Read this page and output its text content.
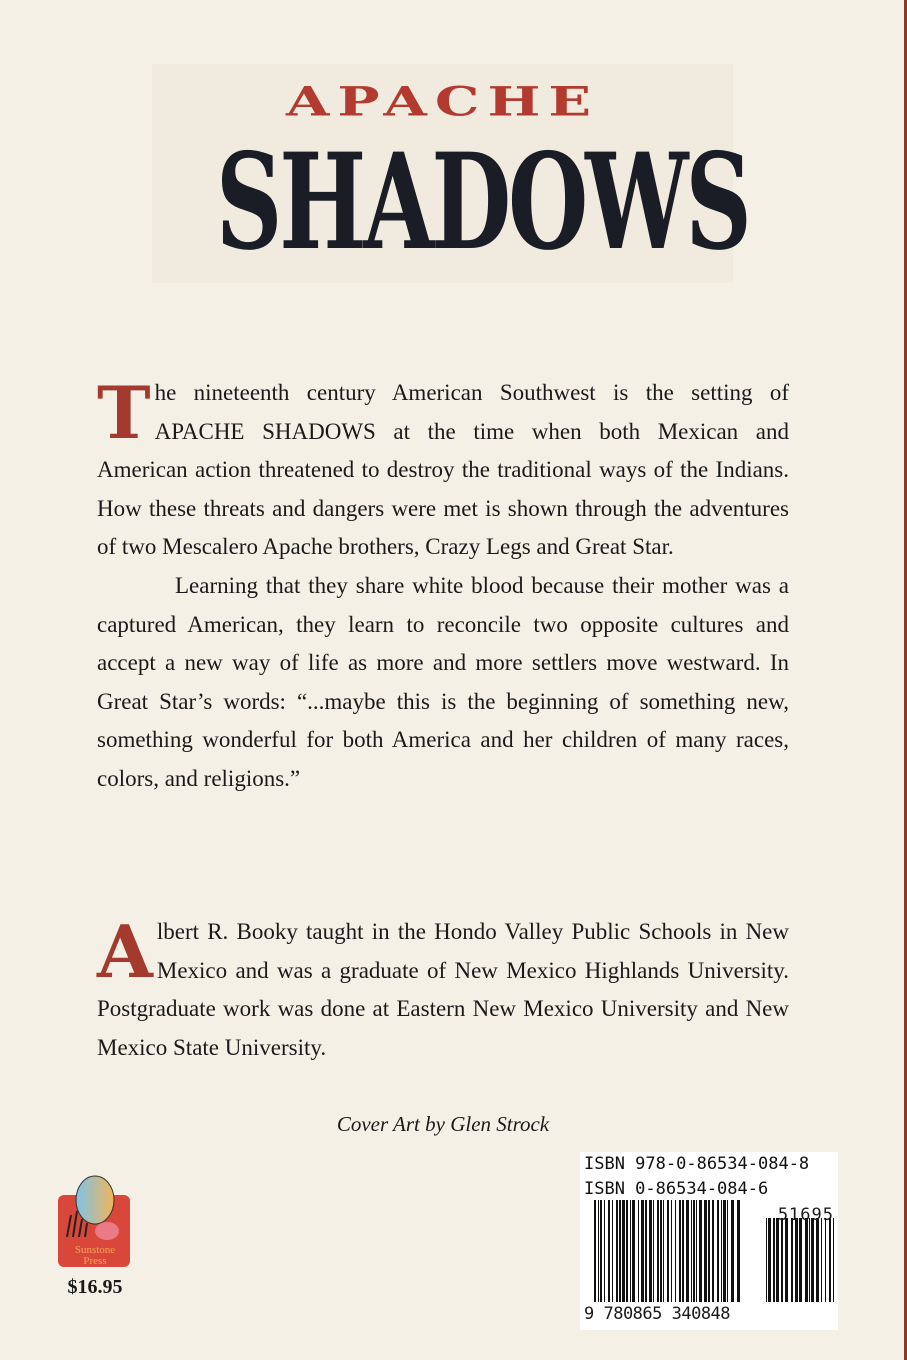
APACHE
SHADOWS

The nineteenth century American Southwest is the setting of APACHE SHADOWS at the time when both Mexican and American action threatened to destroy the traditional ways of the Indians. How these threats and dangers were met is shown through the adventures of two Mescalero Apache brothers, Crazy Legs and Great Star.

Learning that they share white blood because their mother was a captured American, they learn to reconcile two opposite cultures and accept a new way of life as more and more settlers move westward. In Great Star’s words: “...maybe this is the beginning of something new, something wonderful for both America and her children of many races, colors, and religions.”

Albert R. Booky taught in the Hondo Valley Public Schools in New Mexico and was a graduate of New Mexico Highlands University. Postgraduate work was done at Eastern New Mexico University and New Mexico State University.

Cover Art by Glen Strock
Sunstone
Press
$16.95
ISBN 978-0-86534-084-8
ISBN 0-86534-084-6
51695
9 780865 340848
